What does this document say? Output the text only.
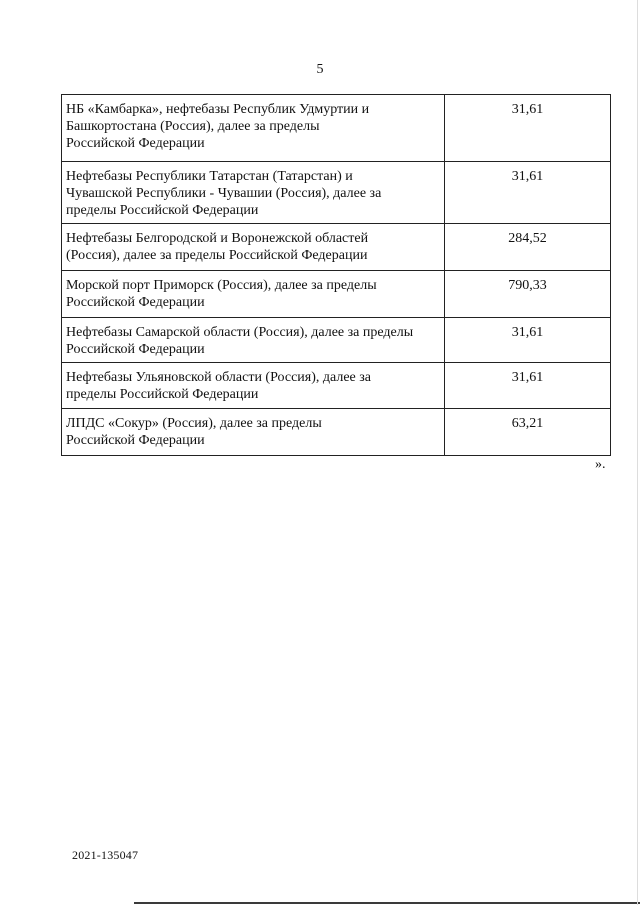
5
НБ «Камбарка», нефтебазы Республик Удмуртии и
Башкортостана (Россия), далее за пределы
Российской Федерации	31,61
Нефтебазы Республики Татарстан (Татарстан) и
Чувашской Республики - Чувашии (Россия), далее за
пределы Российской Федерации	31,61
Нефтебазы Белгородской и Воронежской областей
(Россия), далее за пределы Российской Федерации	284,52
Морской порт Приморск (Россия), далее за пределы
Российской Федерации	790,33
Нефтебазы Самарской области (Россия), далее за пределы
Российской Федерации	31,61
Нефтебазы Ульяновской области (Россия), далее за
пределы Российской Федерации	31,61
ЛПДС «Сокур» (Россия), далее за пределы
Российской Федерации	63,21
».
2021-135047
